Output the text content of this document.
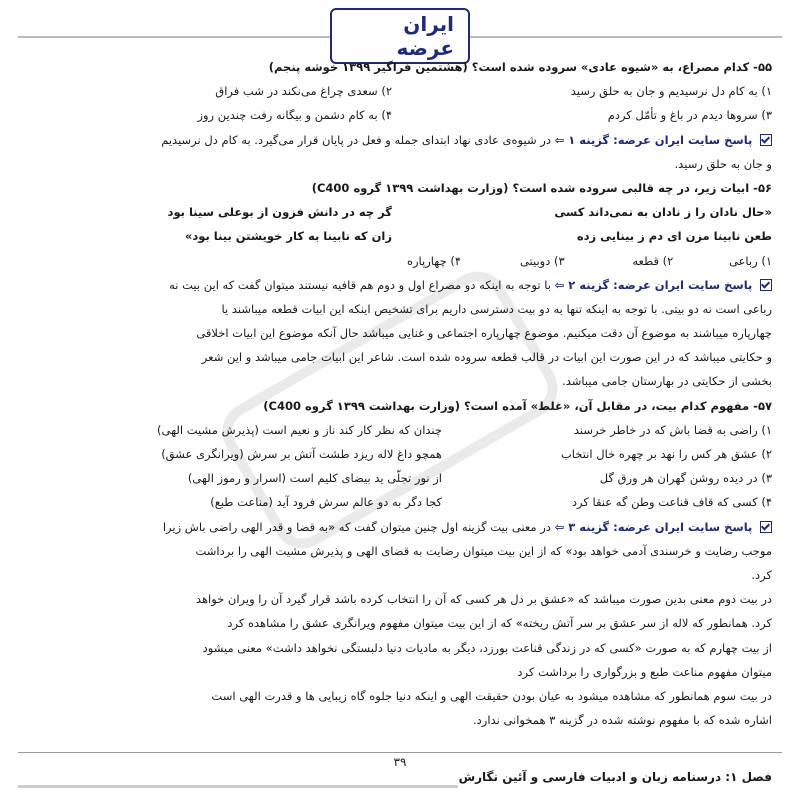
ایران عرضه
۵۵- کدام مصراع، به «شیوه عادی» سروده شده است؟ (هشتمین فراگیر ۱۳۹۹ خوشه پنجم)
۱) به کام دل نرسیدیم و جان به حلق رسید
۲) سعدی چراغ می‌نکند در شب فراق
۳) سروها دیدم در باغ و تأمّل کردم
۴) به کام دشمن و بیگانه رفت چندین روز
پاسخ سایت ایران عرضه: گزینه ۱ ⇦ در شیوه‌ی عادی نهاد ابتدای جمله و فعل در پایان قرار می‌گیرد. به کام دل نرسیدیم
و جان به حلق رسید.
۵۶- ابیات زیر، در چه قالبی سروده شده است؟ (وزارت بهداشت ۱۳۹۹ گروه C400)
«حال نادان را ز نادان به نمی‌داند کسی
گر چه در دانش فزون از بوعلی سینا بود
طعن نابینا مزن ای دم ز بینایی زده
زان که نابینا به کار خویشتن بینا بود»
۱) رباعی ۲) قطعه ۳) دوبیتی ۴) چهارپاره
پاسخ سایت ایران عرضه: گزینه ۲ ⇦ با توجه به اینکه دو مصراع اول و دوم هم قافیه نیستند میتوان گفت که این بیت نه
رباعی است نه دو بیتی. با توجه به اینکه تنها به دو بیت دسترسی داریم برای تشخیص اینکه این ابیات قطعه میباشند یا
چهارپاره میباشند به موضوع آن دقت میکنیم. موضوع چهارپاره اجتماعی و غنایی میباشد حال آنکه موضوع این ابیات اخلاقی
و حکایتی میباشد که در این صورت این ابیات در قالب قطعه سروده شده است. شاعر این ابیات جامی میباشد و این شعر
بخشی از حکایتی در بهارستان جامی میباشد.
۵۷- مفهوم کدام بیت، در مقابل آن، «غلط» آمده است؟ (وزارت بهداشت ۱۳۹۹ گروه C400)
۱) راضی به قضا باش که در خاطر خرسند
چندان که نظر کار کند ناز و نعیم است (پذیرش مشیت الهی)
۲) عشق هر کس را نهد بر چهره خال انتخاب
همچو داغ لاله ریزد طشت آتش بر سرش (ویرانگری عشق)
۳) در دیده روشن گهران هر ورق گل
از نور تجلّی ید بیضای کلیم است (اسرار و رموز الهی)
۴) کسی که قاف قناعت وطن گه عنقا کرد
کجا دگر به دو عالم سرش فرود آید (مناعت طبع)
پاسخ سایت ایران عرضه: گزینه ۳ ⇦ در معنی بیت گزینه اول چنین میتوان گفت که «به قضا و قدر الهی راضی باش زیرا
موجب رضایت و خرسندی آدمی خواهد بود» که از این بیت میتوان رضایت به قضای الهی و پذیرش مشیت الهی را برداشت
کرد.
در بیت دوم معنی بدین صورت میباشد که «عشق بر دل هر کسی که آن را انتخاب کرده باشد قرار گیرد آن را ویران خواهد
کرد. همانطور که لاله از سر عشق بر سر آتش ریخته» که از این بیت میتوان مفهوم ویرانگری عشق را مشاهده کرد
از بیت چهارم که به صورت «کسی که در زندگی قناعت بورزد، دیگر به ماديات دنیا دلبستگی نخواهد داشت» معنی میشود
میتوان مفهوم مناعت طبع و بزرگواری را برداشت کرد
در بیت سوم همانطور که مشاهده میشود به عیان بودن حقیقت الهی و اینکه دنیا جلوه گاه زیبایی ها و قدرت الهی است
اشاره شده که با مفهوم نوشته شده در گزینه ۳ همخوانی ندارد.
۳۹
فصل ۱: درسنامه زبان و ادبیات فارسی و آئین نگارش
